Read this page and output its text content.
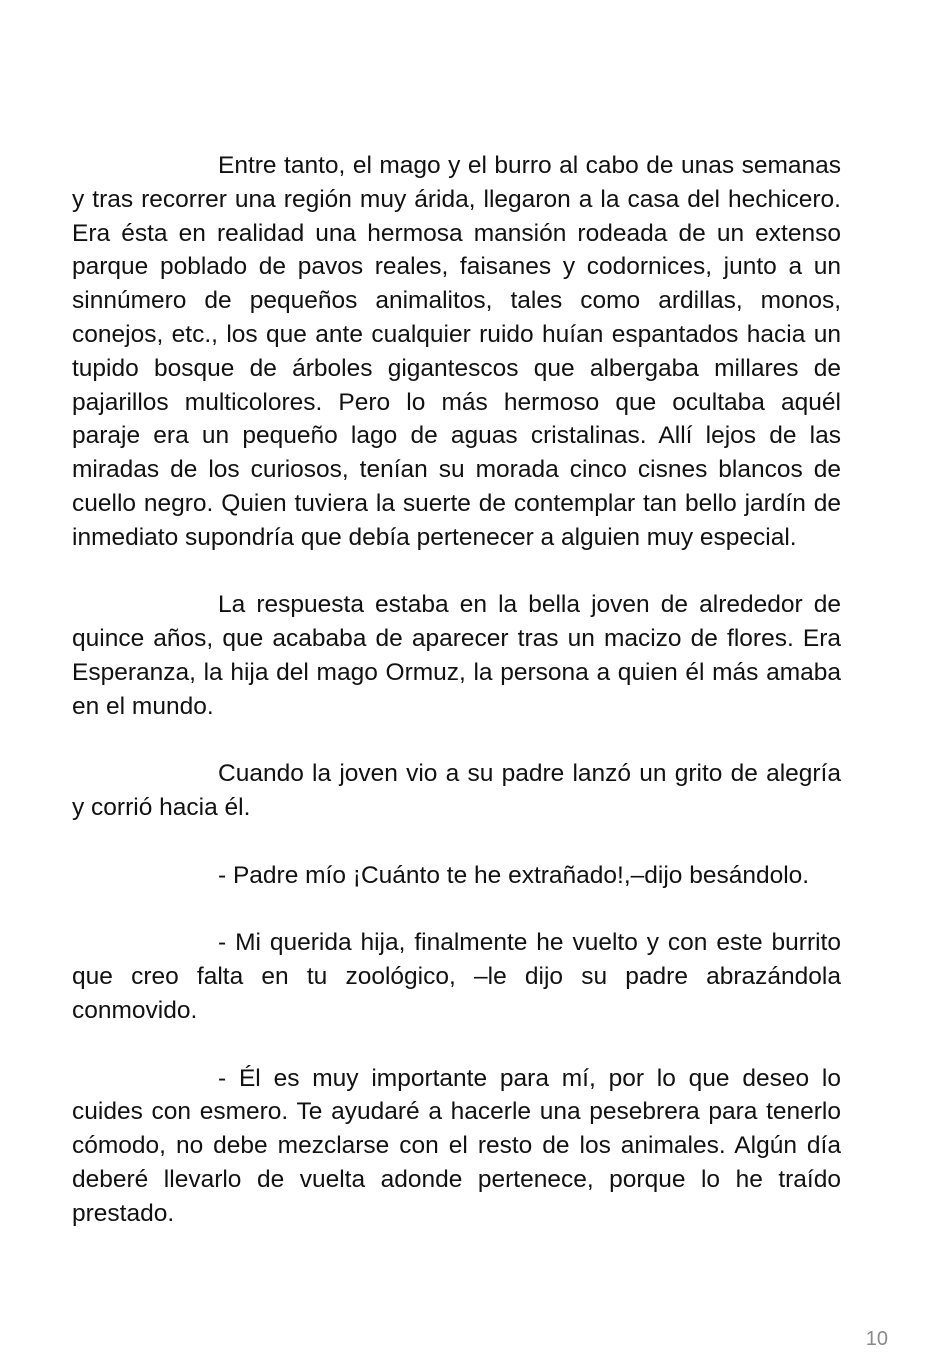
Entre tanto, el mago y el burro al cabo de unas semanas y tras recorrer una región muy árida, llegaron a la casa del hechicero. Era ésta en realidad una hermosa mansión rodeada de un extenso parque poblado de pavos reales, faisanes y codornices, junto a un sinnúmero de pequeños animalitos, tales como ardillas, monos, conejos, etc., los que ante cualquier ruido huían espantados hacia un tupido bosque de árboles gigantescos que albergaba millares de pajarillos multicolores. Pero lo más hermoso que ocultaba aquél paraje era un pequeño lago de aguas cristalinas. Allí lejos de las miradas de los curiosos, tenían su morada cinco cisnes blancos de cuello negro. Quien tuviera la suerte de contemplar tan bello jardín de inmediato supondría que debía pertenecer a alguien muy especial.

La respuesta estaba en la bella joven de alrededor de quince años, que acababa de aparecer tras un macizo de flores. Era Esperanza, la hija del mago Ormuz, la persona a quien él más amaba en el mundo.

Cuando la joven vio a su padre lanzó un grito de alegría y corrió hacia él.

- Padre mío ¡Cuánto te he extrañado!,–dijo besándolo.

- Mi querida hija, finalmente he vuelto y con este burrito que creo falta en tu zoológico, –le dijo su padre abrazándola conmovido.

- Él es muy importante para mí, por lo que deseo lo cuides con esmero. Te ayudaré a hacerle una pesebrera para tenerlo cómodo, no debe mezclarse con el resto de los animales. Algún día deberé llevarlo de vuelta adonde pertenece, porque lo he traído prestado.

10
